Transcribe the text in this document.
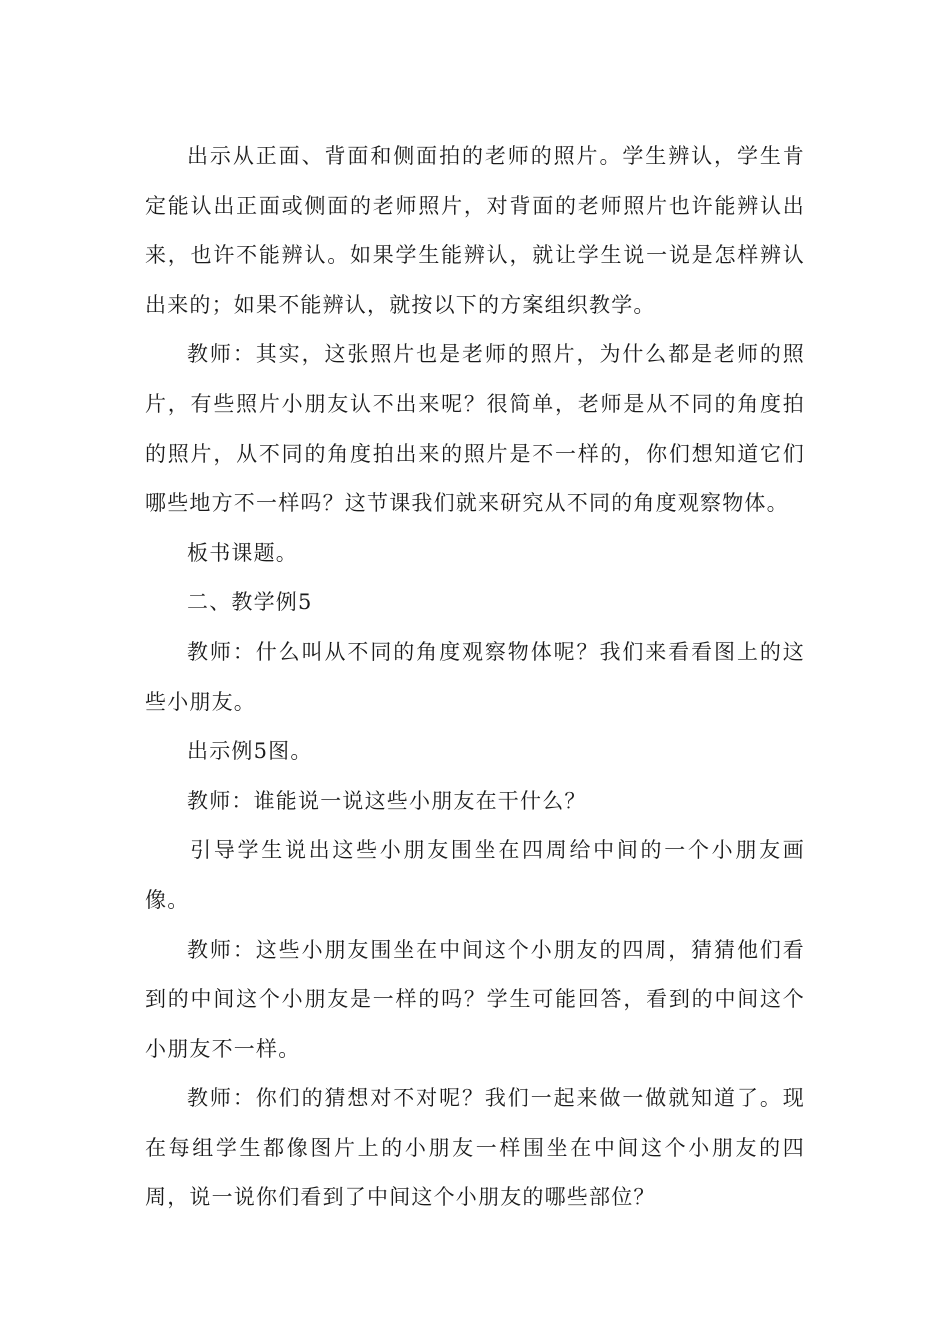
出示从正面、背面和侧面拍的老师的照片。学生辨认，学生肯定能认出正面或侧面的老师照片，对背面的老师照片也许能辨认出来，也许不能辨认。如果学生能辨认，就让学生说一说是怎样辨认出来的；如果不能辨认，就按以下的方案组织教学。

教师：其实，这张照片也是老师的照片，为什么都是老师的照片，有些照片小朋友认不出来呢？很简单，老师是从不同的角度拍的照片，从不同的角度拍出来的照片是不一样的，你们想知道它们哪些地方不一样吗？这节课我们就来研究从不同的角度观察物体。

板书课题。

二、教学例5

教师：什么叫从不同的角度观察物体呢？我们来看看图上的这些小朋友。

出示例5图。

教师：谁能说一说这些小朋友在干什么？

引导学生说出这些小朋友围坐在四周给中间的一个小朋友画像。

教师：这些小朋友围坐在中间这个小朋友的四周，猜猜他们看到的中间这个小朋友是一样的吗？学生可能回答，看到的中间这个小朋友不一样。

教师：你们的猜想对不对呢？我们一起来做一做就知道了。现在每组学生都像图片上的小朋友一样围坐在中间这个小朋友的四周，说一说你们看到了中间这个小朋友的哪些部位？
